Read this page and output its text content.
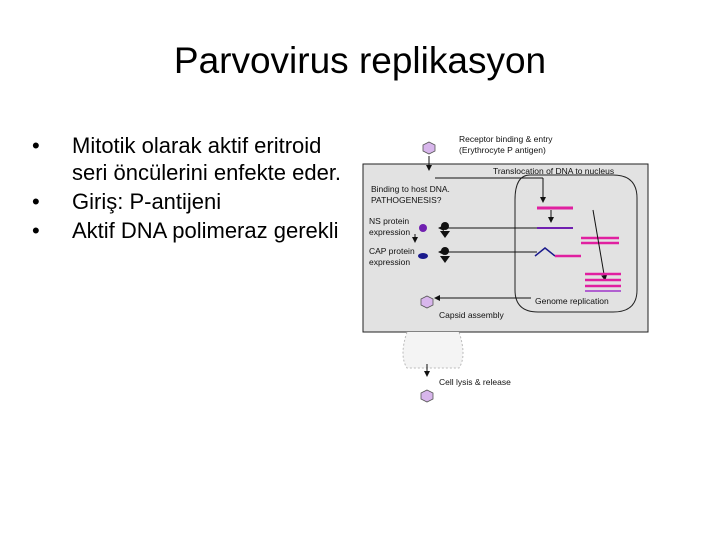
Parvovirus replikasyon
• Mitotik olarak aktif eritroid seri öncülerini enfekte eder.
• Giriş: P-antijeni
• Aktif DNA polimeraz gerekli
Receptor binding & entry
(Erythrocyte P antigen)
Translocation of DNA to nucleus
Binding to host DNA.
PATHOGENESIS?
NS protein
expression
CAP protein
expression
Genome replication
Capsid assembly
Cell lysis & release
